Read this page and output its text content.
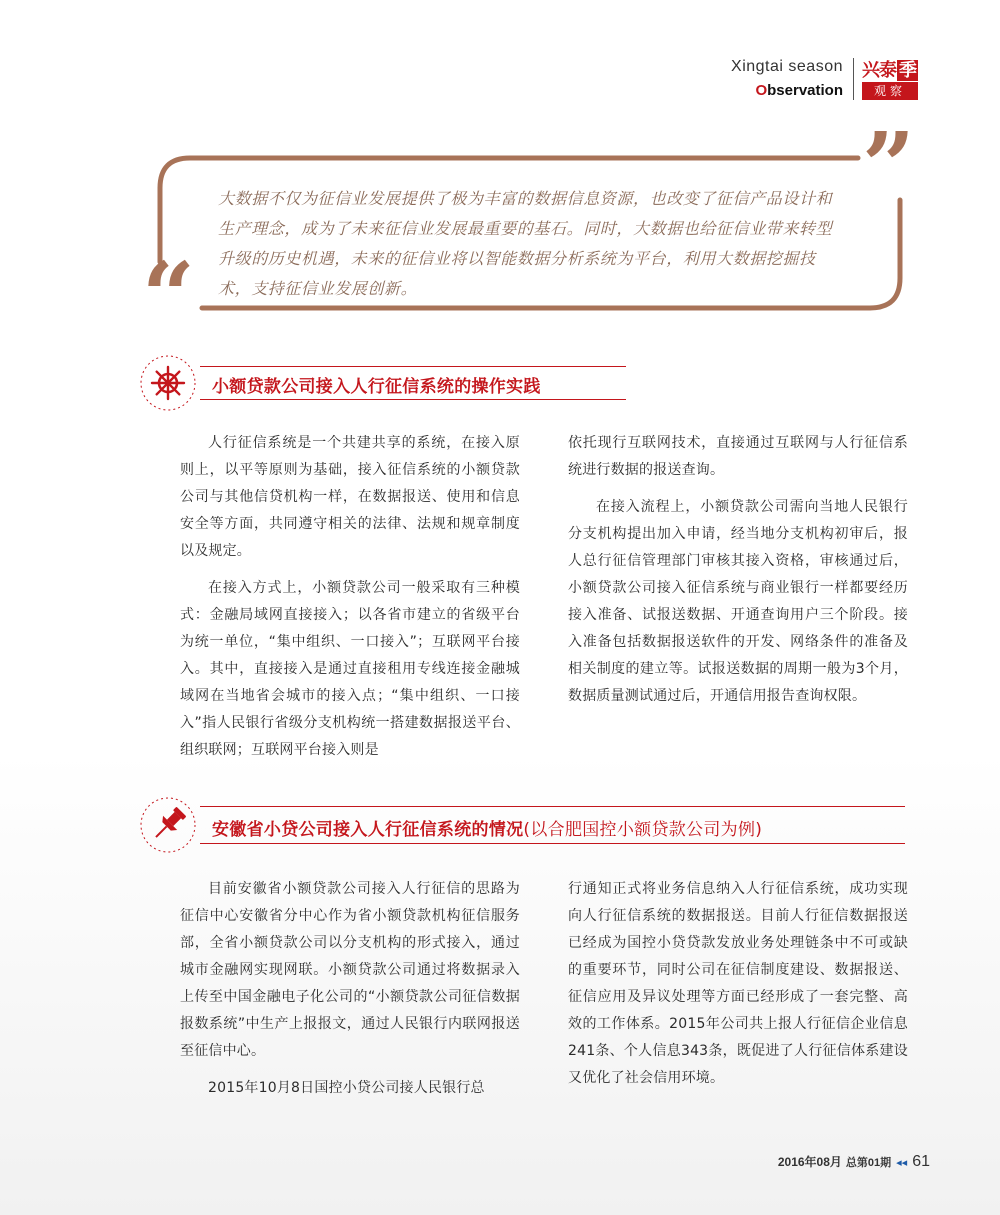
Xingtai season
Observation
兴泰 季
观察
”
“
大数据不仅为征信业发展提供了极为丰富的数据信息资源，也改变了征信产品设计和生产理念，成为了未来征信业发展最重要的基石。同时，大数据也给征信业带来转型升级的历史机遇，未来的征信业将以智能数据分析系统为平台，利用大数据挖掘技术，支持征信业发展创新。
小额贷款公司接入人行征信系统的操作实践

人行征信系统是一个共建共享的系统，在接入原则上，以平等原则为基础，接入征信系统的小额贷款公司与其他信贷机构一样，在数据报送、使用和信息安全等方面，共同遵守相关的法律、法规和规章制度以及规定。

在接入方式上，小额贷款公司一般采取有三种模式：金融局域网直接接入；以各省市建立的省级平台为统一单位，“集中组织、一口接入”；互联网平台接入。其中，直接接入是通过直接租用专线连接金融城域网在当地省会城市的接入点；“集中组织、一口接入”指人民银行省级分支机构统一搭建数据报送平台、组织联网；互联网平台接入则是

依托现行互联网技术，直接通过互联网与人行征信系统进行数据的报送查询。

在接入流程上，小额贷款公司需向当地人民银行分支机构提出加入申请，经当地分支机构初审后，报人总行征信管理部门审核其接入资格，审核通过后，小额贷款公司接入征信系统与商业银行一样都要经历接入准备、试报送数据、开通查询用户三个阶段。接入准备包括数据报送软件的开发、网络条件的准备及相关制度的建立等。试报送数据的周期一般为3个月，数据质量测试通过后，开通信用报告查询权限。

安徽省小贷公司接入人行征信系统的情况(以合肥国控小额贷款公司为例)

目前安徽省小额贷款公司接入人行征信的思路为征信中心安徽省分中心作为省小额贷款机构征信服务部，全省小额贷款公司以分支机构的形式接入，通过城市金融网实现网联。小额贷款公司通过将数据录入上传至中国金融电子化公司的“小额贷款公司征信数据报数系统”中生产上报报文，通过人民银行内联网报送至征信中心。

2015年10月8日国控小贷公司接人民银行总

行通知正式将业务信息纳入人行征信系统，成功实现向人行征信系统的数据报送。目前人行征信数据报送已经成为国控小贷贷款发放业务处理链条中不可或缺的重要环节，同时公司在征信制度建设、数据报送、征信应用及异议处理等方面已经形成了一套完整、高效的工作体系。2015年公司共上报人行征信企业信息241条、个人信息343条，既促进了人行征信体系建设又优化了社会信用环境。

2016年08月 总第01期 ◂◂ 61
